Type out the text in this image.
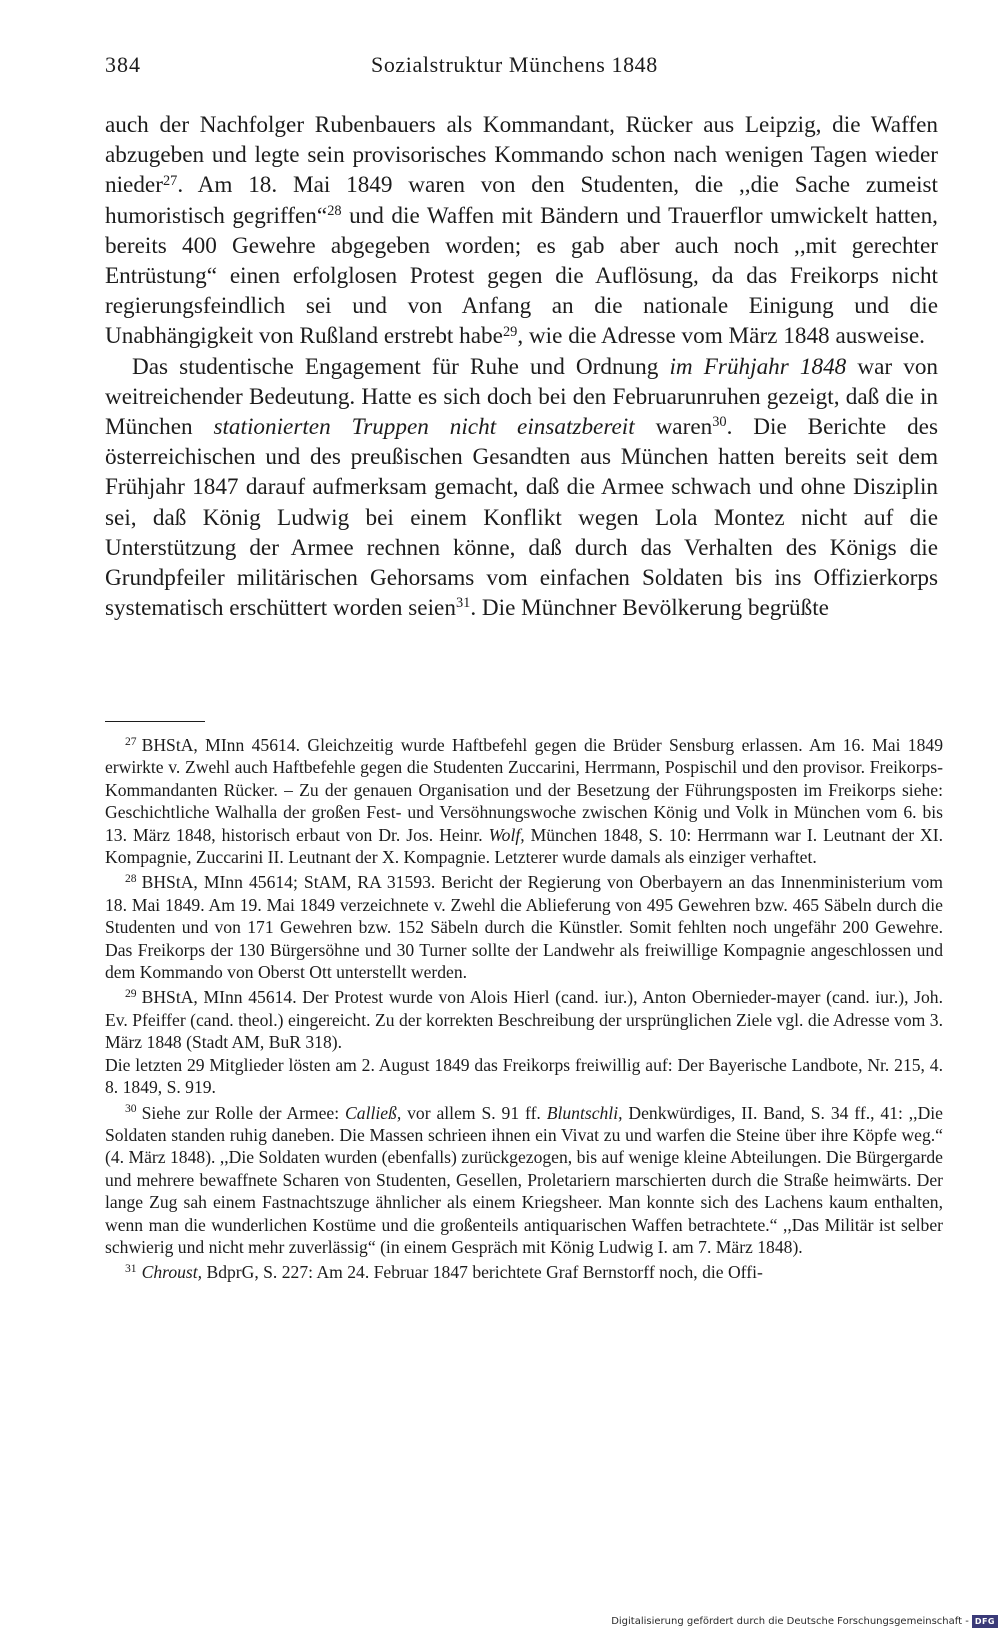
384	Sozialstruktur Münchens 1848

auch der Nachfolger Rubenbauers als Kommandant, Rücker aus Leipzig, die Waffen abzugeben und legte sein provisorisches Kommando schon nach wenigen Tagen wieder nieder$^{27}$. Am 18. Mai 1849 waren von den Studenten, die ,,die Sache zumeist humoristisch gegriffen“$^{28}$ und die Waffen mit Bändern und Trauerflor umwickelt hatten, bereits 400 Gewehre abgegeben worden; es gab aber auch noch ,,mit gerechter Entrüstung“ einen erfolglosen Protest gegen die Auflösung, da das Freikorps nicht regierungsfeindlich sei und von Anfang an die nationale Einigung und die Unabhängigkeit von Rußland erstrebt habe$^{29}$, wie die Adresse vom März 1848 ausweise.

Das studentische Engagement für Ruhe und Ordnung im Frühjahr 1848 war von weitreichender Bedeutung. Hatte es sich doch bei den Februarunruhen gezeigt, daß die in München stationierten Truppen nicht einsatzbereit waren$^{30}$. Die Berichte des österreichischen und des preußischen Gesandten aus München hatten bereits seit dem Frühjahr 1847 darauf aufmerksam gemacht, daß die Armee schwach und ohne Disziplin sei, daß König Ludwig bei einem Konflikt wegen Lola Montez nicht auf die Unterstützung der Armee rechnen könne, daß durch das Verhalten des Königs die Grundpfeiler militärischen Gehorsams vom einfachen Soldaten bis ins Offizierkorps systematisch erschüttert worden seien$^{31}$. Die Münchner Bevölkerung begrüßte

$^{27}$ BHStA, MInn 45614. Gleichzeitig wurde Haftbefehl gegen die Brüder Sensburg erlassen. Am 16. Mai 1849 erwirkte v. Zwehl auch Haftbefehle gegen die Studenten Zuccarini, Herrmann, Pospischil und den provisor. Freikorps-Kommandanten Rücker. – Zu der genauen Organisation und der Besetzung der Führungsposten im Freikorps siehe: Geschichtliche Walhalla der großen Fest- und Versöhnungswoche zwischen König und Volk in München vom 6. bis 13. März 1848, historisch erbaut von Dr. Jos. Heinr. Wolf, München 1848, S. 10: Herrmann war I. Leutnant der XI. Kompagnie, Zuccarini II. Leutnant der X. Kompagnie. Letzterer wurde damals als einziger verhaftet.

$^{28}$ BHStA, MInn 45614; StAM, RA 31593. Bericht der Regierung von Oberbayern an das Innenministerium vom 18. Mai 1849. Am 19. Mai 1849 verzeichnete v. Zwehl die Ablieferung von 495 Gewehren bzw. 465 Säbeln durch die Studenten und von 171 Gewehren bzw. 152 Säbeln durch die Künstler. Somit fehlten noch ungefähr 200 Gewehre. Das Freikorps der 130 Bürgersöhne und 30 Turner sollte der Landwehr als freiwillige Kompagnie angeschlossen und dem Kommando von Oberst Ott unterstellt werden.

$^{29}$ BHStA, MInn 45614. Der Protest wurde von Alois Hierl (cand. iur.), Anton Obernieder-mayer (cand. iur.), Joh. Ev. Pfeiffer (cand. theol.) eingereicht. Zu der korrekten Beschreibung der ursprünglichen Ziele vgl. die Adresse vom 3. März 1848 (Stadt AM, BuR 318).
Die letzten 29 Mitglieder lösten am 2. August 1849 das Freikorps freiwillig auf: Der Bayerische Landbote, Nr. 215, 4. 8. 1849, S. 919.

$^{30}$ Siehe zur Rolle der Armee: Calließ, vor allem S. 91 ff. Bluntschli, Denkwürdiges, II. Band, S. 34 ff., 41: ,,Die Soldaten standen ruhig daneben. Die Massen schrieen ihnen ein Vivat zu und warfen die Steine über ihre Köpfe weg.“ (4. März 1848). ,,Die Soldaten wurden (ebenfalls) zurückgezogen, bis auf wenige kleine Abteilungen. Die Bürgergarde und mehrere bewaffnete Scharen von Studenten, Gesellen, Proletariern marschierten durch die Straße heimwärts. Der lange Zug sah einem Fastnachtszuge ähnlicher als einem Kriegsheer. Man konnte sich des Lachens kaum enthalten, wenn man die wunderlichen Kostüme und die großenteils antiquarischen Waffen betrachtete.“ ,,Das Militär ist selber schwierig und nicht mehr zuverlässig“ (in einem Gespräch mit König Ludwig I. am 7. März 1848).

$^{31}$ Chroust, BdprG, S. 227: Am 24. Februar 1847 berichtete Graf Bernstorff noch, die Offi-

Digitalisierung gefördert durch die Deutsche Forschungsgemeinschaft - DFG
